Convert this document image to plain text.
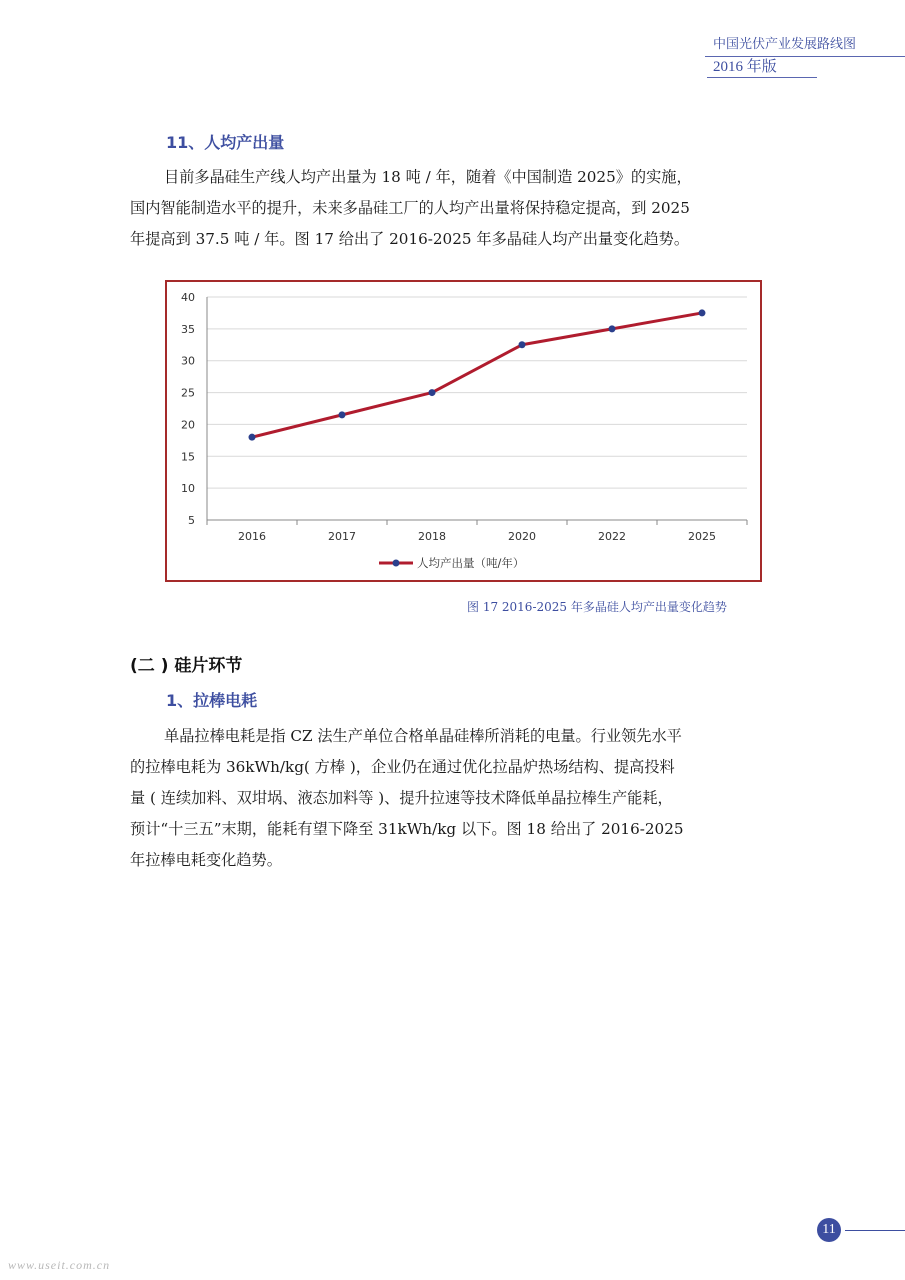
中国光伏产业发展路线图
2016 年版
11、人均产出量
目前多晶硅生产线人均产出量为 18 吨 / 年，随着《中国制造 2025》的实施，
国内智能制造水平的提升，未来多晶硅工厂的人均产出量将保持稳定提高，到 2025
年提高到 37.5 吨 / 年。图 17 给出了 2016-2025 年多晶硅人均产出量变化趋势。
5
10
15
20
25
30
35
40
2016	2017	2018	2020	2022	2025
人均产出量（吨/年）
图 17 2016-2025 年多晶硅人均产出量变化趋势
(二 ) 硅片环节
1、拉棒电耗
单晶拉棒电耗是指 CZ 法生产单位合格单晶硅棒所消耗的电量。行业领先水平
的拉棒电耗为 36kWh/kg( 方棒 )，企业仍在通过优化拉晶炉热场结构、提高投料
量 ( 连续加料、双坩埚、液态加料等 )、提升拉速等技术降低单晶拉棒生产能耗，
预计“十三五”末期，能耗有望下降至 31kWh/kg 以下。图 18 给出了 2016-2025
年拉棒电耗变化趋势。
11
www.useit.com.cn
